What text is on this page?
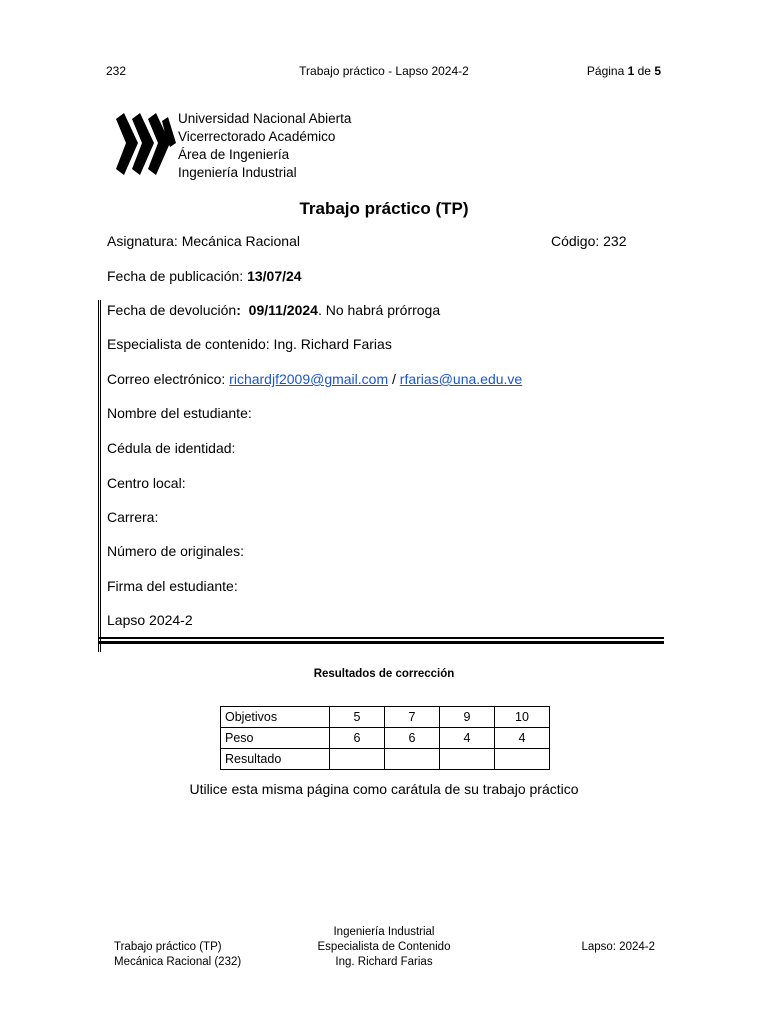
232	Trabajo práctico - Lapso 2024-2	Página 1 de 5
Universidad Nacional Abierta
Vicerrectorado Académico
Área de Ingeniería
Ingeniería Industrial
Trabajo práctico (TP)
Asignatura: Mecánica Racional	Código: 232
Fecha de publicación: 13/07/24
Fecha de devolución: 09/11/2024. No habrá prórroga
Especialista de contenido: Ing. Richard Farias
Correo electrónico: richardjf2009@gmail.com / rfarias@una.edu.ve
Nombre del estudiante:
Cédula de identidad:
Centro local:
Carrera:
Número de originales:
Firma del estudiante:
Lapso 2024-2
Resultados de corrección
Objetivos	5	7	9	10
Peso	6	6	4	4
Resultado				
Utilice esta misma página como carátula de su trabajo práctico
Trabajo práctico (TP)
Mecánica Racional (232)
Ingeniería Industrial
Especialista de Contenido
Ing. Richard Farias
Lapso: 2024-2
